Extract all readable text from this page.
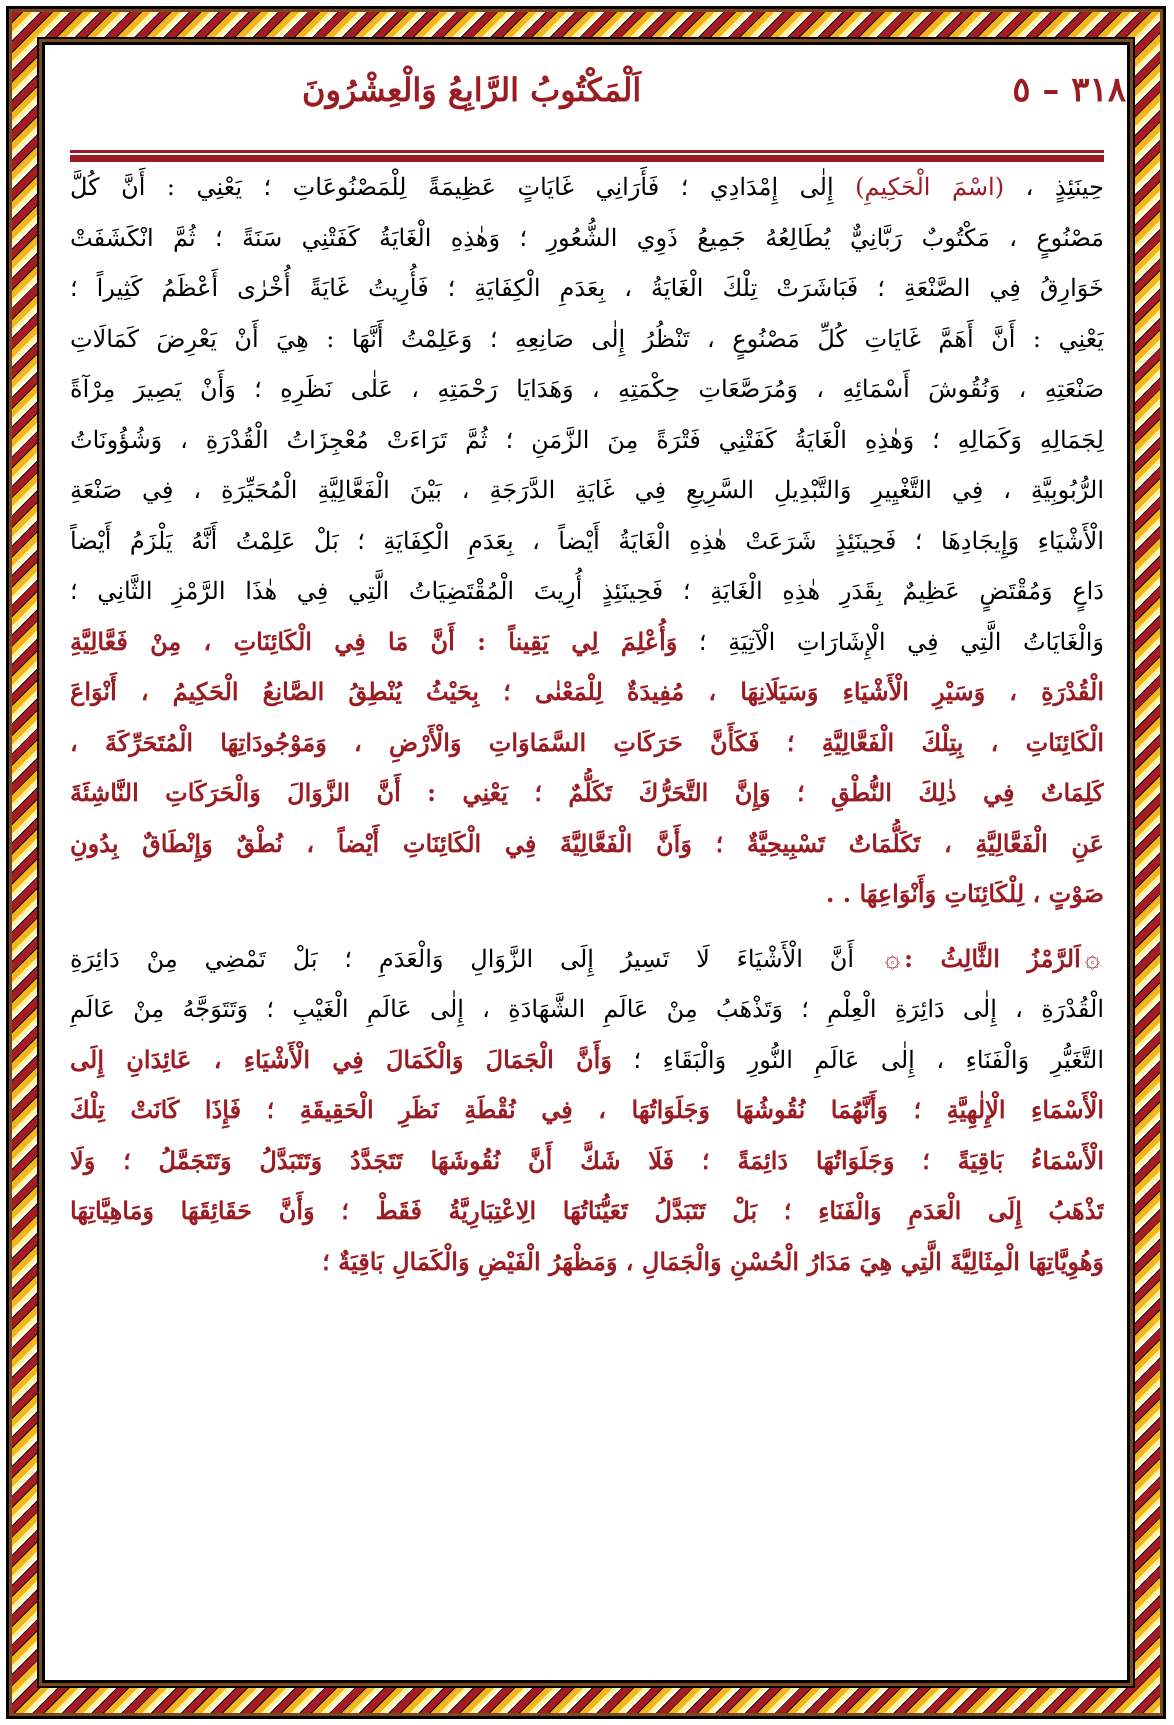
٣١٨ – ٥
اَلْمَكْتُوبُ الرَّابِعُ وَالْعِشْرُونَ
حِينَئِذٍ ، (اسْمَ الْحَكِيمِ) إِلٰى إِمْدَادِي ؛ فَأَرَانِي غَايَاتٍ عَظِيمَةً لِلْمَصْنُوعَاتِ ؛ يَعْنِي : أَنَّ كُلَّ
مَصْنُوعٍ ، مَكْتُوبٌ رَبَّانِيٌّ يُطَالِعُهُ جَمِيعُ ذَوِي الشُّعُورِ ؛ وَهٰذِهِ الْغَايَةُ كَفَتْنِي سَنَةً ؛ ثُمَّ انْكَشَفَتْ
خَوَارِقُ فِي الصَّنْعَةِ ؛ فَبَاشَرَتْ تِلْكَ الْغَايَةُ ، بِعَدَمِ الْكِفَايَةِ ؛ فَأُرِيتُ غَايَةً أُخْرٰى أَعْظَمُ كَثِيراً ؛
يَعْنِي : أَنَّ أَهَمَّ غَايَاتِ كُلِّ مَصْنُوعٍ ، تَنْظُرُ إِلٰى صَانِعِهِ ؛ وَعَلِمْتُ أَنَّهَا : هِيَ أَنْ يَعْرِضَ كَمَالَاتِ
صَنْعَتِهِ ، وَنُقُوشَ أَسْمَائِهِ ، وَمُرَصَّعَاتِ حِكْمَتِهِ ، وَهَدَايَا رَحْمَتِهِ ، عَلٰى نَظَرِهِ ؛ وَأَنْ يَصِيرَ مِرْآةً
لِجَمَالِهِ وَكَمَالِهِ ؛ وَهٰذِهِ الْغَايَةُ كَفَتْنِي فَتْرَةً مِنَ الزَّمَنِ ؛ ثُمَّ تَرَاءَتْ مُعْجِزَاتُ الْقُدْرَةِ ، وَشُؤُونَاتُ
الرُّبُوبِيَّةِ ، فِي التَّغْيِيرِ وَالتَّبْدِيلِ السَّرِيعِ فِي غَايَةِ الدَّرَجَةِ ، بَيْنَ الْفَعَّالِيَّةِ الْمُحَيِّرَةِ ، فِي صَنْعَةِ
الْأَشْيَاءِ وَإِيجَادِهَا ؛ فَحِينَئِذٍ شَرَعَتْ هٰذِهِ الْغَايَةُ أَيْضاً ، بِعَدَمِ الْكِفَايَةِ ؛ بَلْ عَلِمْتُ أَنَّهُ يَلْزَمُ أَيْضاً
دَاعٍ وَمُقْتَضٍ عَظِيمٌ بِقَدَرِ هٰذِهِ الْغَايَةِ ؛ فَحِينَئِذٍ أُرِيتَ الْمُقْتَضِيَاتُ الَّتِي فِي هٰذَا الرَّمْزِ الثَّانِي ؛
وَالْغَايَاتُ الَّتِي فِي الْإِشَارَاتِ الْآتِيَةِ ؛ وَأُعْلِمَ لِي يَقِيناً : أَنَّ مَا فِي الْكَائِنَاتِ ، مِنْ فَعَّالِيَّةِ
الْقُدْرَةِ ، وَسَيْرِ الْأَشْيَاءِ وَسَيَلَانِهَا ، مُفِيدَةٌ لِلْمَعْنٰى ؛ بِحَيْثُ يُنْطِقُ الصَّانِعُ الْحَكِيمُ ، أَنْوَاعَ
الْكَائِنَاتِ ، بِتِلْكَ الْفَعَّالِيَّةِ ؛ فَكَأَنَّ حَرَكَاتِ السَّمَاوَاتِ وَالْأَرْضِ ، وَمَوْجُودَاتِهَا الْمُتَحَرِّكَةَ ،
كَلِمَاتٌ فِي ذٰلِكَ النُّطْقِ ؛ وَإِنَّ التَّحَرُّكَ تَكَلُّمٌ ؛ يَعْنِي : أَنَّ الزَّوَالَ وَالْحَرَكَاتِ النَّاشِئَةَ
عَنِ الْفَعَّالِيَّةِ ، تَكَلُّمَاتٌ تَسْبِيحِيَّةٌ ؛ وَأَنَّ الْفَعَّالِيَّةَ فِي الْكَائِنَاتِ أَيْضاً ، نُطْقٌ وَإِنْطَاقٌ بِدُونِ
صَوْتٍ ، لِلْكَائِنَاتِ وَأَنْوَاعِهَا . .
۞اَلرَّمْزُ الثَّالِثُ :۞ أَنَّ الْأَشْيَاءَ لَا تَسِيرُ إِلَى الزَّوَالِ وَالْعَدَمِ ؛ بَلْ تَمْضِي مِنْ دَائِرَةِ
الْقُدْرَةِ ، إِلٰى دَائِرَةِ الْعِلْمِ ؛ وَتَذْهَبُ مِنْ عَالَمِ الشَّهَادَةِ ، إِلٰى عَالَمِ الْغَيْبِ ؛ وَتَتَوَجَّهُ مِنْ عَالَمِ
التَّغَيُّرِ وَالْفَنَاءِ ، إِلٰى عَالَمِ النُّورِ وَالْبَقَاءِ ؛ وَأَنَّ الْجَمَالَ وَالْكَمَالَ فِي الْأَشْيَاءِ ، عَائِدَانِ إِلَى
الْأَسْمَاءِ الْإِلٰهِيَّةِ ؛ وَأَنَّهُمَا نُقُوشُهَا وَجَلَوَاتُهَا ، فِي نُقْطَةِ نَظَرِ الْحَقِيقَةِ ؛ فَإِذَا كَانَتْ تِلْكَ
الْأَسْمَاءُ بَاقِيَةً ؛ وَجَلَوَاتُهَا دَائِمَةً ؛ فَلَا شَكَّ أَنَّ نُقُوشَهَا تَتَجَدَّدُ وَتَتَبَدَّلُ وَتَتَجَمَّلُ ؛ وَلَا
تَذْهَبُ إِلَى الْعَدَمِ وَالْفَنَاءِ ؛ بَلْ تَتَبَدَّلُ تَعَيُّنَاتُهَا الِاعْتِبَارِيَّةُ فَقَطْ ؛ وَأَنَّ حَقَائِقَهَا وَمَاهِيَّاتِهَا
وَهُوِيَّاتِهَا الْمِثَالِيَّةَ الَّتِي هِيَ مَدَارُ الْحُسْنِ وَالْجَمَالِ ، وَمَظْهَرُ الْفَيْضِ وَالْكَمَالِ بَاقِيَةٌ ؛
